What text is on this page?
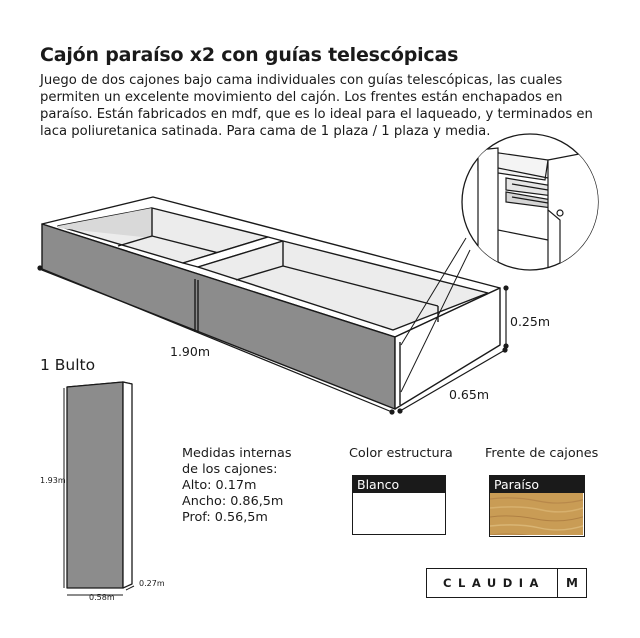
Cajón paraíso x2 con guías telescópicas
Juego de dos cajones bajo cama individuales con guías telescópicas, las cuales permiten un excelente movimiento del cajón. Los frentes están enchapados en paraíso. Están fabricados en mdf, que es lo ideal para el laqueado, y terminados en laca poliuretanica satinada. Para cama de 1 plaza / 1 plaza y media.
1.90m
0.25m
0.65m
1 Bulto
1.93m
0.58m
0.27m
Medidas internas
de los cajones:
Alto: 0.17m
Ancho: 0.86,5m
Prof: 0.56,5m
Color estructura
Blanco
Frente de cajones
Paraíso
CLAUDIA	M
